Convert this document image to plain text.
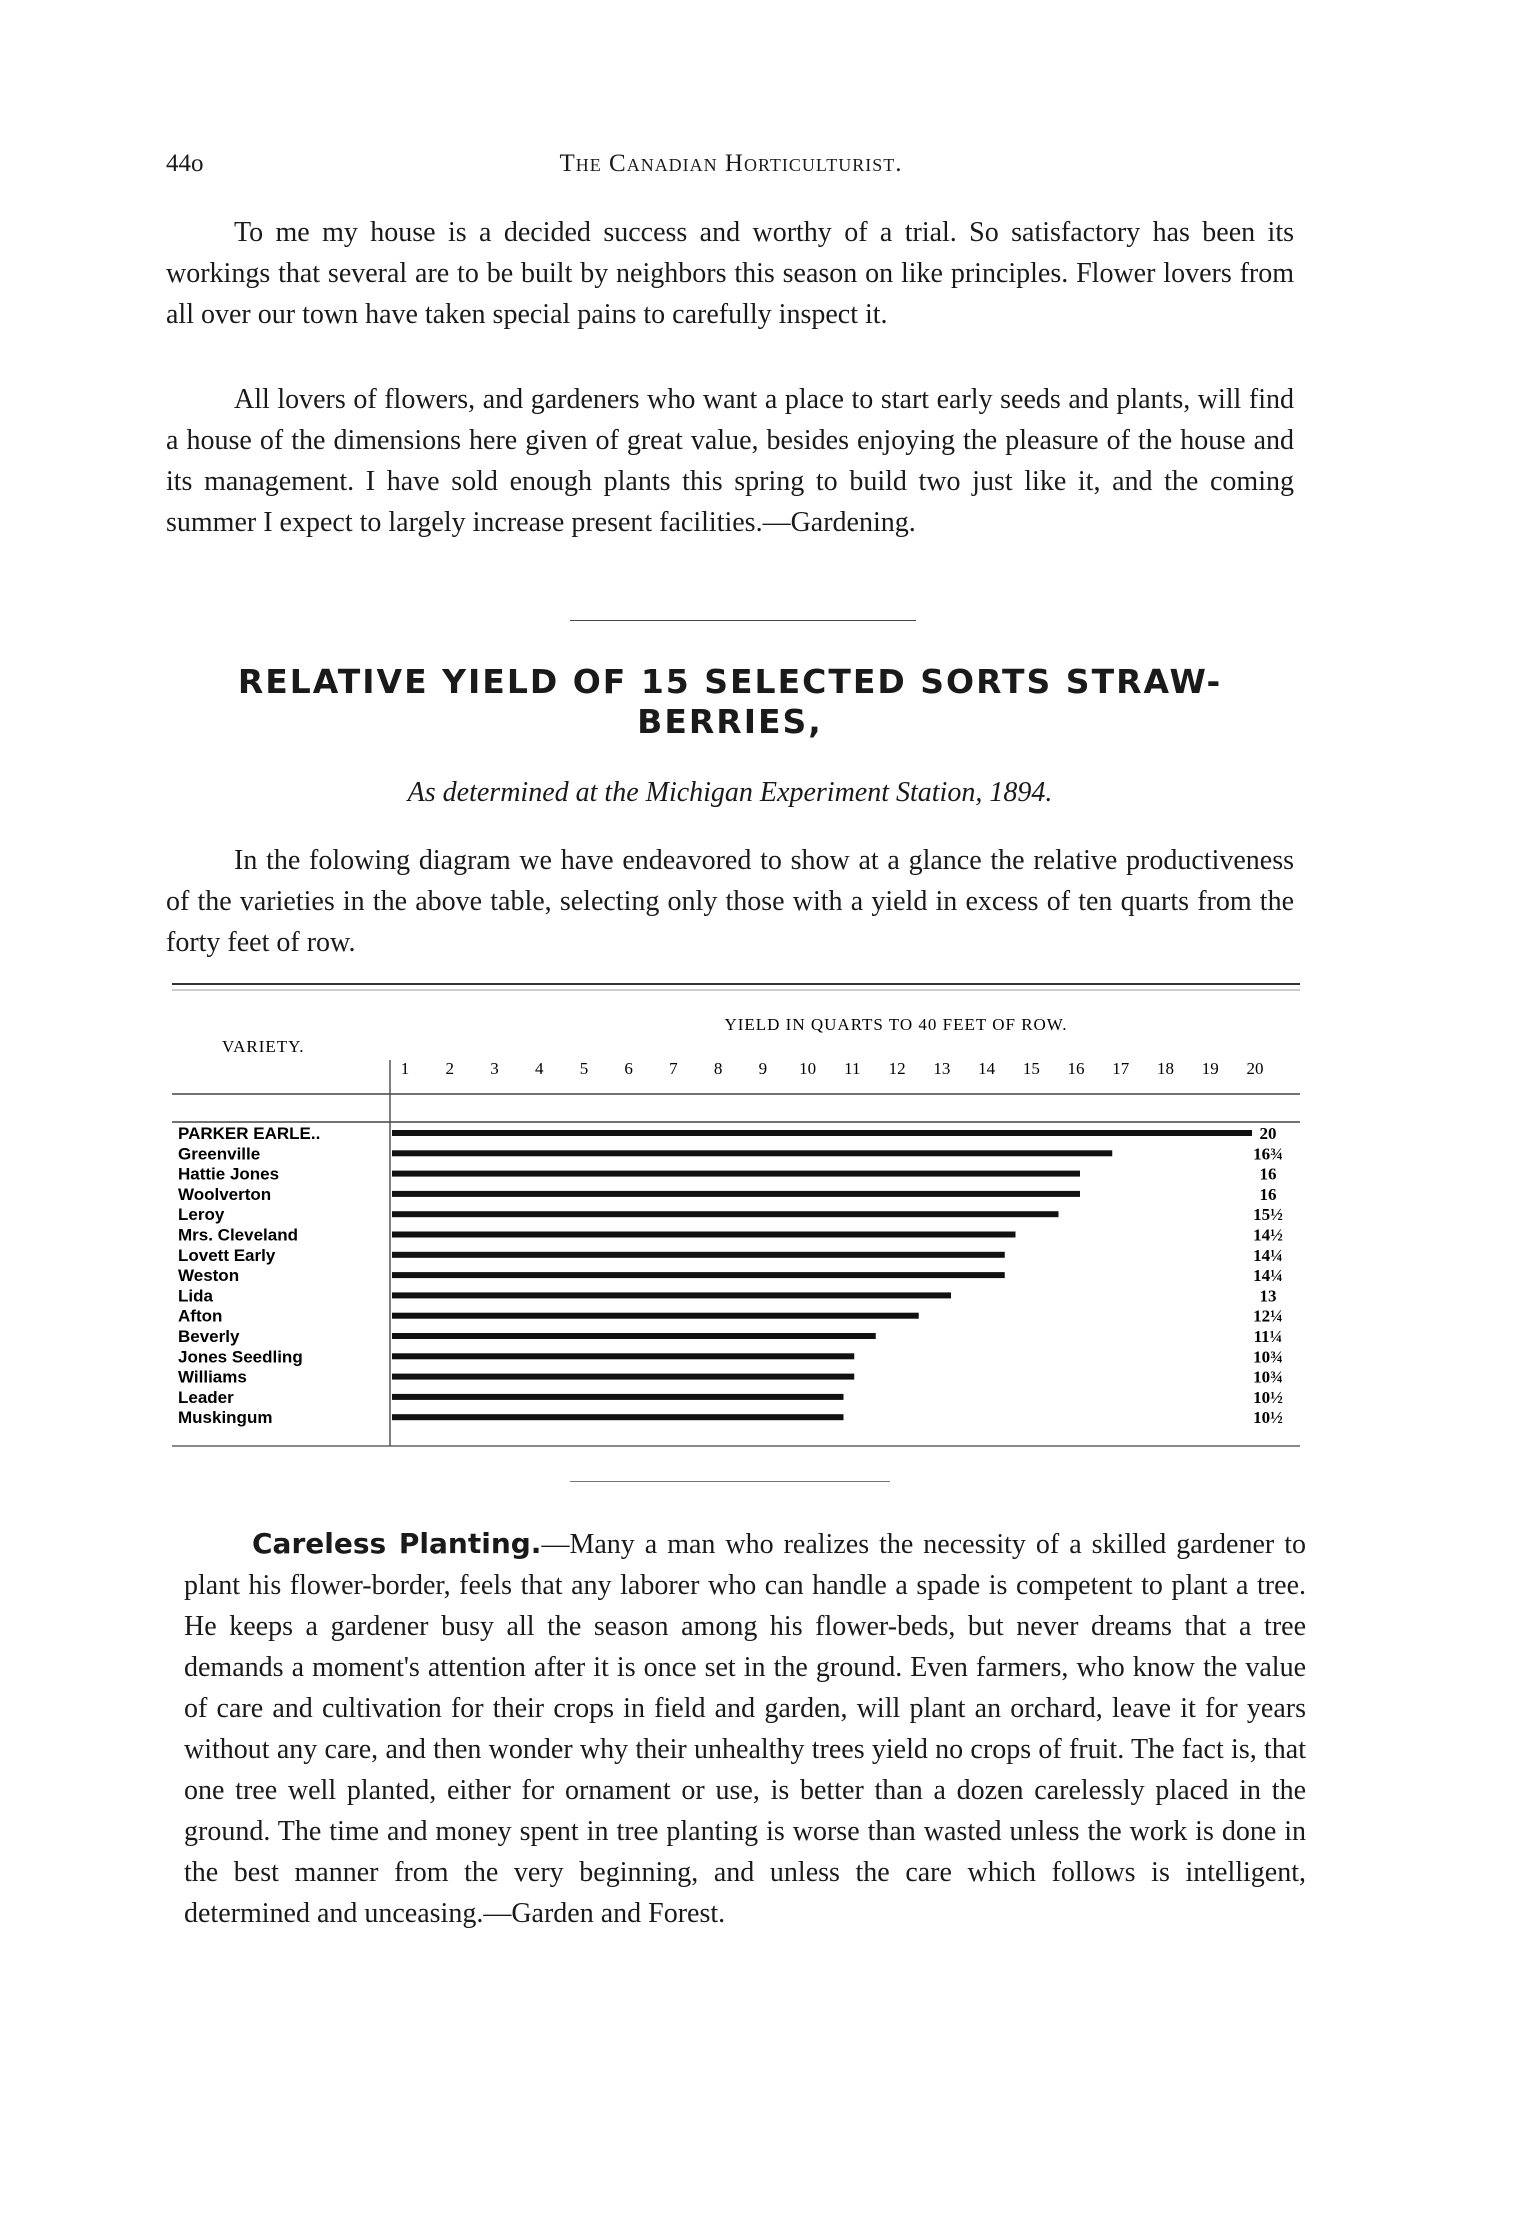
44o	The Canadian Horticulturist.

To me my house is a decided success and worthy of a trial. So satisfactory has been its workings that several are to be built by neighbors this season on like principles. Flower lovers from all over our town have taken special pains to carefully inspect it.

All lovers of flowers, and gardeners who want a place to start early seeds and plants, will find a house of the dimensions here given of great value, besides enjoying the pleasure of the house and its management. I have sold enough plants this spring to build two just like it, and the coming summer I expect to largely increase present facilities.—Gardening.

RELATIVE YIELD OF 15 SELECTED SORTS STRAW-
BERRIES,

As determined at the Michigan Experiment Station, 1894.

In the folowing diagram we have endeavored to show at a glance the relative productiveness of the varieties in the above table, selecting only those with a yield in excess of ten quarts from the forty feet of row.

VARIETY.
YIELD IN QUARTS TO 40 FEET OF ROW.
1 2 3 4 5 6 7 8 9 10 11 12 13 14 15 16 17 18 19 20
PARKER EARLE..
Greenville
Hattie Jones
Woolverton
Leroy
Mrs. Cleveland
Lovett Early
Weston
Lida
Afton
Beverly
Jones Seedling
Williams
Leader
Muskingum
20
16¾
16
16
15½
14½
14¼
14¼
13
12¼
11¼
10¾
10¾
10½
10½

Careless Planting.—Many a man who realizes the necessity of a skilled gardener to plant his flower-border, feels that any laborer who can handle a spade is competent to plant a tree. He keeps a gardener busy all the season among his flower-beds, but never dreams that a tree demands a moment's attention after it is once set in the ground. Even farmers, who know the value of care and cultivation for their crops in field and garden, will plant an orchard, leave it for years without any care, and then wonder why their unhealthy trees yield no crops of fruit. The fact is, that one tree well planted, either for ornament or use, is better than a dozen carelessly placed in the ground. The time and money spent in tree planting is worse than wasted unless the work is done in the best manner from the very beginning, and unless the care which follows is intelligent, determined and unceasing.—Garden and Forest.
